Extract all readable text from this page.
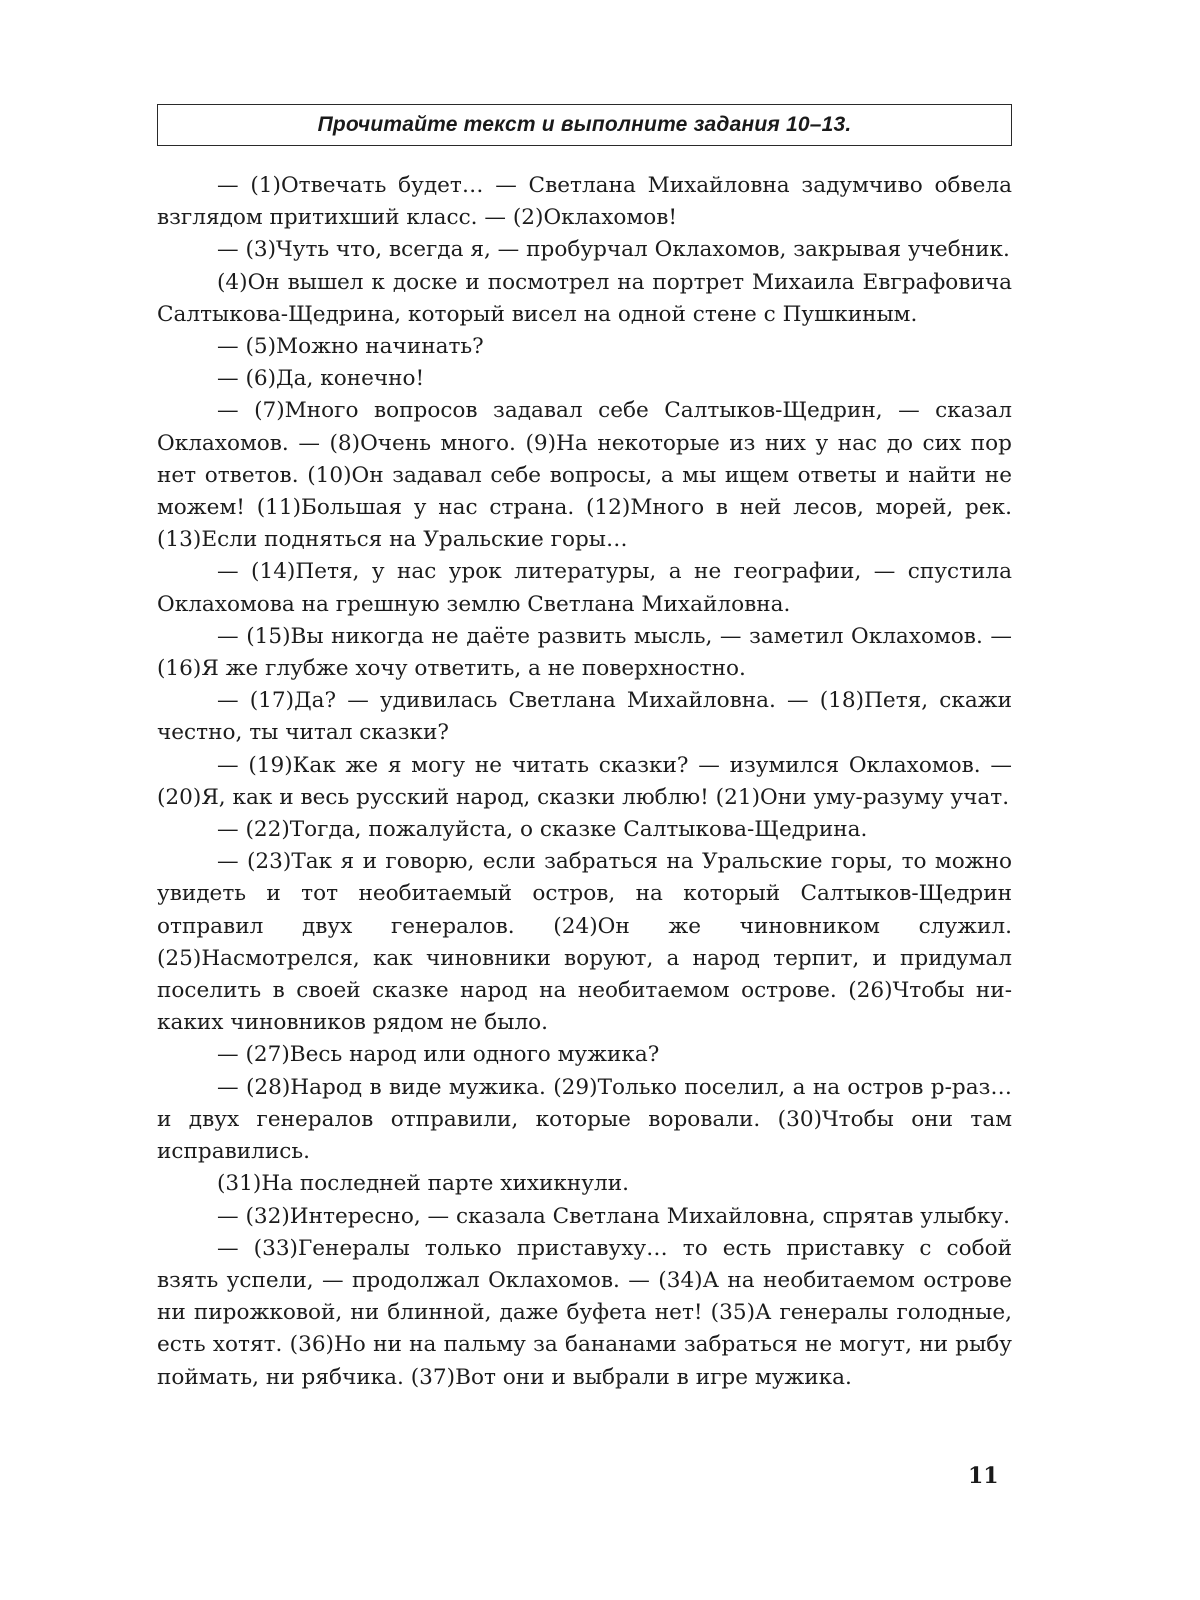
Прочитайте текст и выполните задания 10–13.

— (1)Отвечать будет… — Светлана Михайловна задумчиво обвела взглядом притихший класс. — (2)Оклахомов!

— (3)Чуть что, всегда я, — пробурчал Оклахомов, закрывая учебник.

(4)Он вышел к доске и посмотрел на портрет Михаила Евграфовича Салтыкова-Щедрина, который висел на одной стене с Пушкиным.

— (5)Можно начинать?

— (6)Да, конечно!

— (7)Много вопросов задавал себе Салтыков-Щедрин, — сказал Оклахомов. — (8)Очень много. (9)На некоторые из них у нас до сих пор нет ответов. (10)Он задавал себе вопросы, а мы ищем ответы и найти не можем! (11)Большая у нас страна. (12)Много в ней лесов, морей, рек. (13)Если подняться на Уральские горы…

— (14)Петя, у нас урок литературы, а не географии, — спустила Оклахомова на грешную землю Светлана Михайловна.

— (15)Вы никогда не даёте развить мысль, — заметил Оклахомов. — (16)Я же глубже хочу ответить, а не поверхностно.

— (17)Да? — удивилась Светлана Михайловна. — (18)Петя, скажи честно, ты читал сказки?

— (19)Как же я могу не читать сказки? — изумился Оклахомов. — (20)Я, как и весь русский народ, сказки люблю! (21)Они уму-разуму учат.

— (22)Тогда, пожалуйста, о сказке Салтыкова-Щедрина.

— (23)Так я и говорю, если забраться на Уральские горы, то можно увидеть и тот необитаемый остров, на который Салтыков-Щедрин отправил двух генералов. (24)Он же чиновником служил. (25)Насмотрелся, как чиновники воруют, а народ терпит, и придумал поселить в своей сказке народ на необитаемом острове. (26)Чтобы никаких чиновников рядом не было.

— (27)Весь народ или одного мужика?

— (28)Народ в виде мужика. (29)Только поселил, а на остров р-раз… и двух генералов отправили, которые воровали. (30)Чтобы они там исправились.

(31)На последней парте хихикнули.

— (32)Интересно, — сказала Светлана Михайловна, спрятав улыбку.

— (33)Генералы только приставуху… то есть приставку с собой взять успели, — продолжал Оклахомов. — (34)А на необитаемом острове ни пирожковой, ни блинной, даже буфета нет! (35)А генералы голодные, есть хотят. (36)Но ни на пальму за бананами забраться не могут, ни рыбу поймать, ни рябчика. (37)Вот они и выбрали в игре мужика.

11
